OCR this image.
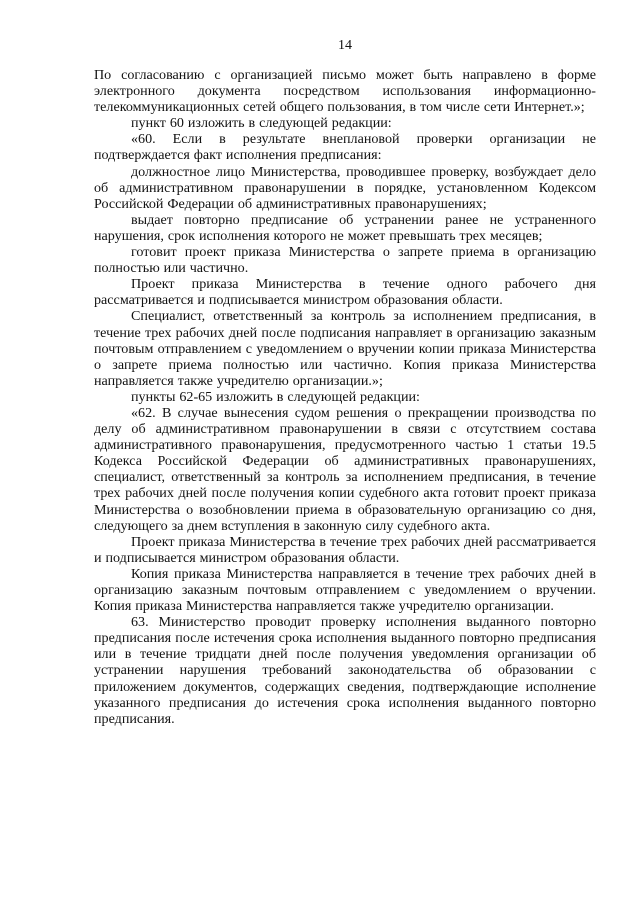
14

По согласованию с организацией письмо может быть направлено в форме электронного документа посредством использования информационно-телекоммуникационных сетей общего пользования, в том числе сети Интернет.»;

пункт 60 изложить в следующей редакции:

«60. Если в результате внеплановой проверки организации не подтверждается факт исполнения предписания:

должностное лицо Министерства, проводившее проверку, возбуждает дело об административном правонарушении в порядке, установленном Кодексом Российской Федерации об административных правонарушениях;

выдает повторно предписание об устранении ранее не устраненного нарушения, срок исполнения которого не может превышать трех месяцев;

готовит проект приказа Министерства о запрете приема в организацию полностью или частично.

Проект приказа Министерства в течение одного рабочего дня рассматривается и подписывается министром образования области.

Специалист, ответственный за контроль за исполнением предписания, в течение трех рабочих дней после подписания направляет в организацию заказным почтовым отправлением с уведомлением о вручении копии приказа Министерства о запрете приема полностью или частично. Копия приказа Министерства направляется также учредителю организации.»;

пункты 62-65 изложить в следующей редакции:

«62. В случае вынесения судом решения о прекращении производства по делу об административном правонарушении в связи с отсутствием состава административного правонарушения, предусмотренного частью 1 статьи 19.5 Кодекса Российской Федерации об административных правонарушениях, специалист, ответственный за контроль за исполнением предписания, в течение трех рабочих дней после получения копии судебного акта готовит проект приказа Министерства о возобновлении приема в образовательную организацию со дня, следующего за днем вступления в законную силу судебного акта.

Проект приказа Министерства в течение трех рабочих дней рассматривается и подписывается министром образования области.

Копия приказа Министерства направляется в течение трех рабочих дней в организацию заказным почтовым отправлением с уведомлением о вручении. Копия приказа Министерства направляется также учредителю организации.

63. Министерство проводит проверку исполнения выданного повторно предписания после истечения срока исполнения выданного повторно предписания или в течение тридцати дней после получения уведомления организации об устранении нарушения требований законодательства об образовании с приложением документов, содержащих сведения, подтверждающие исполнение указанного предписания до истечения срока исполнения выданного повторно предписания.
